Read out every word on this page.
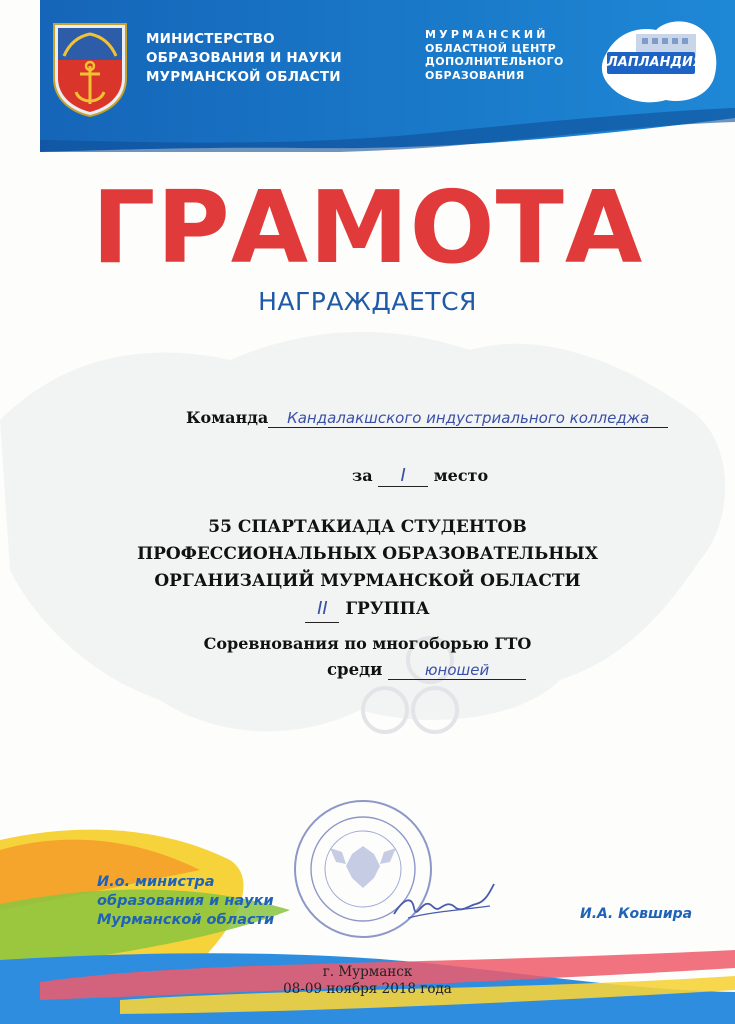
МИНИСТЕРСТВО
ОБРАЗОВАНИЯ И НАУКИ
МУРМАНСКОЙ ОБЛАСТИ
МУРМАНСКИЙ
ОБЛАСТНОЙ ЦЕНТР
ДОПОЛНИТЕЛЬНОГО
ОБРАЗОВАНИЯ
ЛАПЛАНДИЯ
ГРАМОТА
НАГРАЖДАЕТСЯ
Команда Кандалакшского индустриального колледжа
за I место
55 СПАРТАКИАДА СТУДЕНТОВ
ПРОФЕССИОНАЛЬНЫХ ОБРАЗОВАТЕЛЬНЫХ
ОРГАНИЗАЦИЙ МУРМАНСКОЙ ОБЛАСТИ
II ГРУППА
Соревнования по многоборью ГТО
среди	юношей
И.о. министра
образования и науки
Мурманской области	И.А. Ковшира
г. Мурманск
08-09 ноября 2018 года
